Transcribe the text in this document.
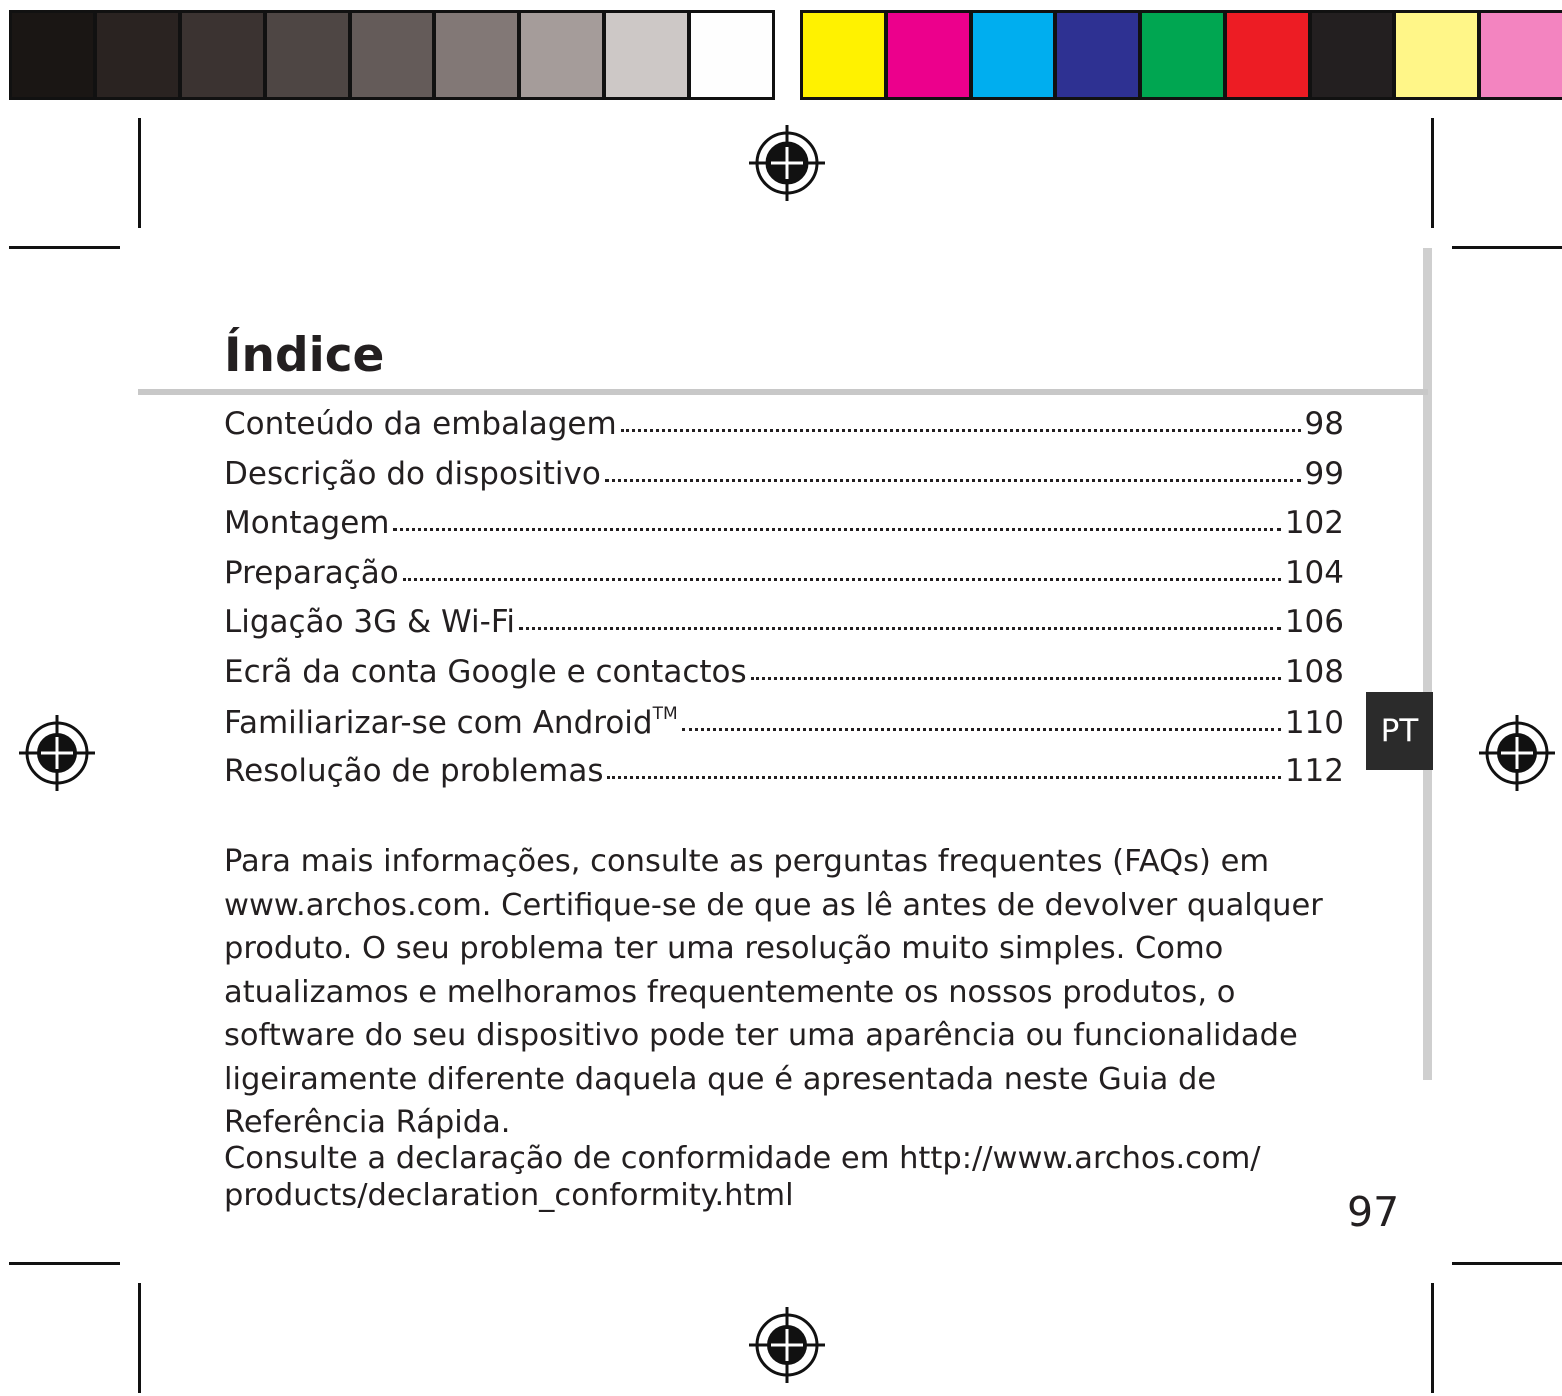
Índice
Conteúdo da embalagem	98
Descrição do dispositivo	99
Montagem	102
Preparação	104
Ligação 3G & Wi-Fi	106
Ecrã da conta Google e contactos	108
Familiarizar-se com Android™	110
Resolução de problemas	112
PT

Para mais informações, consulte as perguntas frequentes (FAQs) em www.archos.com. Certifique-se de que as lê antes de devolver qualquer produto. O seu problema ter uma resolução muito simples. Como atualizamos e melhoramos frequentemente os nossos produtos, o software do seu dispositivo pode ter uma aparência ou funcionalidade ligeiramente diferente daquela que é apresentada neste Guia de Referência Rápida.

Consulte a declaração de conformidade em http://www.archos.com/
products/declaration_conformity.html	97
